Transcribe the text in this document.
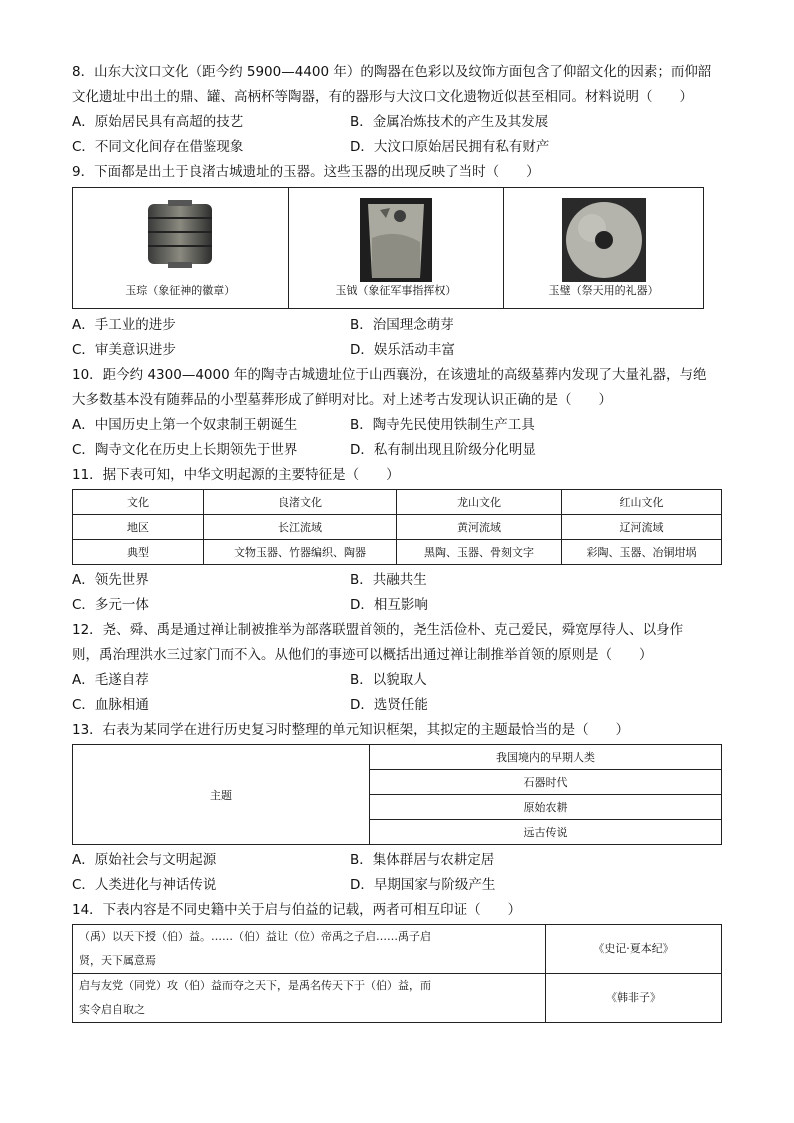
8．山东大汶口文化（距今约 5900—4400 年）的陶器在色彩以及纹饰方面包含了仰韶文化的因素；而仰韶

文化遗址中出土的鼎、罐、高柄杯等陶器，有的器形与大汶口文化遗物近似甚至相同。材料说明（　　）

A．原始居民具有高超的技艺	B．金属冶炼技术的产生及其发展
C．不同文化间存在借鉴现象	D．大汶口原始居民拥有私有财产

9．下面都是出土于良渚古城遗址的玉器。这些玉器的出现反映了当时（　　）

玉琮（象征神的徽章）	玉钺（象征军事指挥权）	玉璧（祭天用的礼器）
A．手工业的进步	B．治国理念萌芽
C．审美意识进步	D．娱乐活动丰富

10．距今约 4300—4000 年的陶寺古城遗址位于山西襄汾，在该遗址的高级墓葬内发现了大量礼器，与绝

大多数基本没有随葬品的小型墓葬形成了鲜明对比。对上述考古发现认识正确的是（　　）

A．中国历史上第一个奴隶制王朝诞生	B．陶寺先民使用铁制生产工具
C．陶寺文化在历史上长期领先于世界	D．私有制出现且阶级分化明显

11．据下表可知，中华文明起源的主要特征是（　　）

文化	良渚文化	龙山文化	红山文化
地区	长江流域	黄河流域	辽河流域
典型	文物玉器、竹器编织、陶器	黑陶、玉器、骨刻文字	彩陶、玉器、冶铜坩埚
A．领先世界	B．共融共生
C．多元一体	D．相互影响

12．尧、舜、禹是通过禅让制被推举为部落联盟首领的，尧生活俭朴、克己爱民，舜宽厚待人、以身作

则，禹治理洪水三过家门而不入。从他们的事迹可以概括出通过禅让制推举首领的原则是（　　）

A．毛遂自荐	B．以貌取人
C．血脉相通	D．选贤任能

13．右表为某同学在进行历史复习时整理的单元知识框架，其拟定的主题最恰当的是（　　）

主题	我国境内的早期人类
石器时代
原始农耕
远古传说
A．原始社会与文明起源	B．集体群居与农耕定居
C．人类进化与神话传说	D．早期国家与阶级产生

14．下表内容是不同史籍中关于启与伯益的记载，两者可相互印证（　　）

（禹）以天下授（伯）益。……（伯）益让（位）帝禹之子启……禹子启
贤，天下属意焉	《史记·夏本纪》

启与友党（同党）攻（伯）益而夺之天下，是禹名传天下于（伯）益，而
实令启自取之	《韩非子》
